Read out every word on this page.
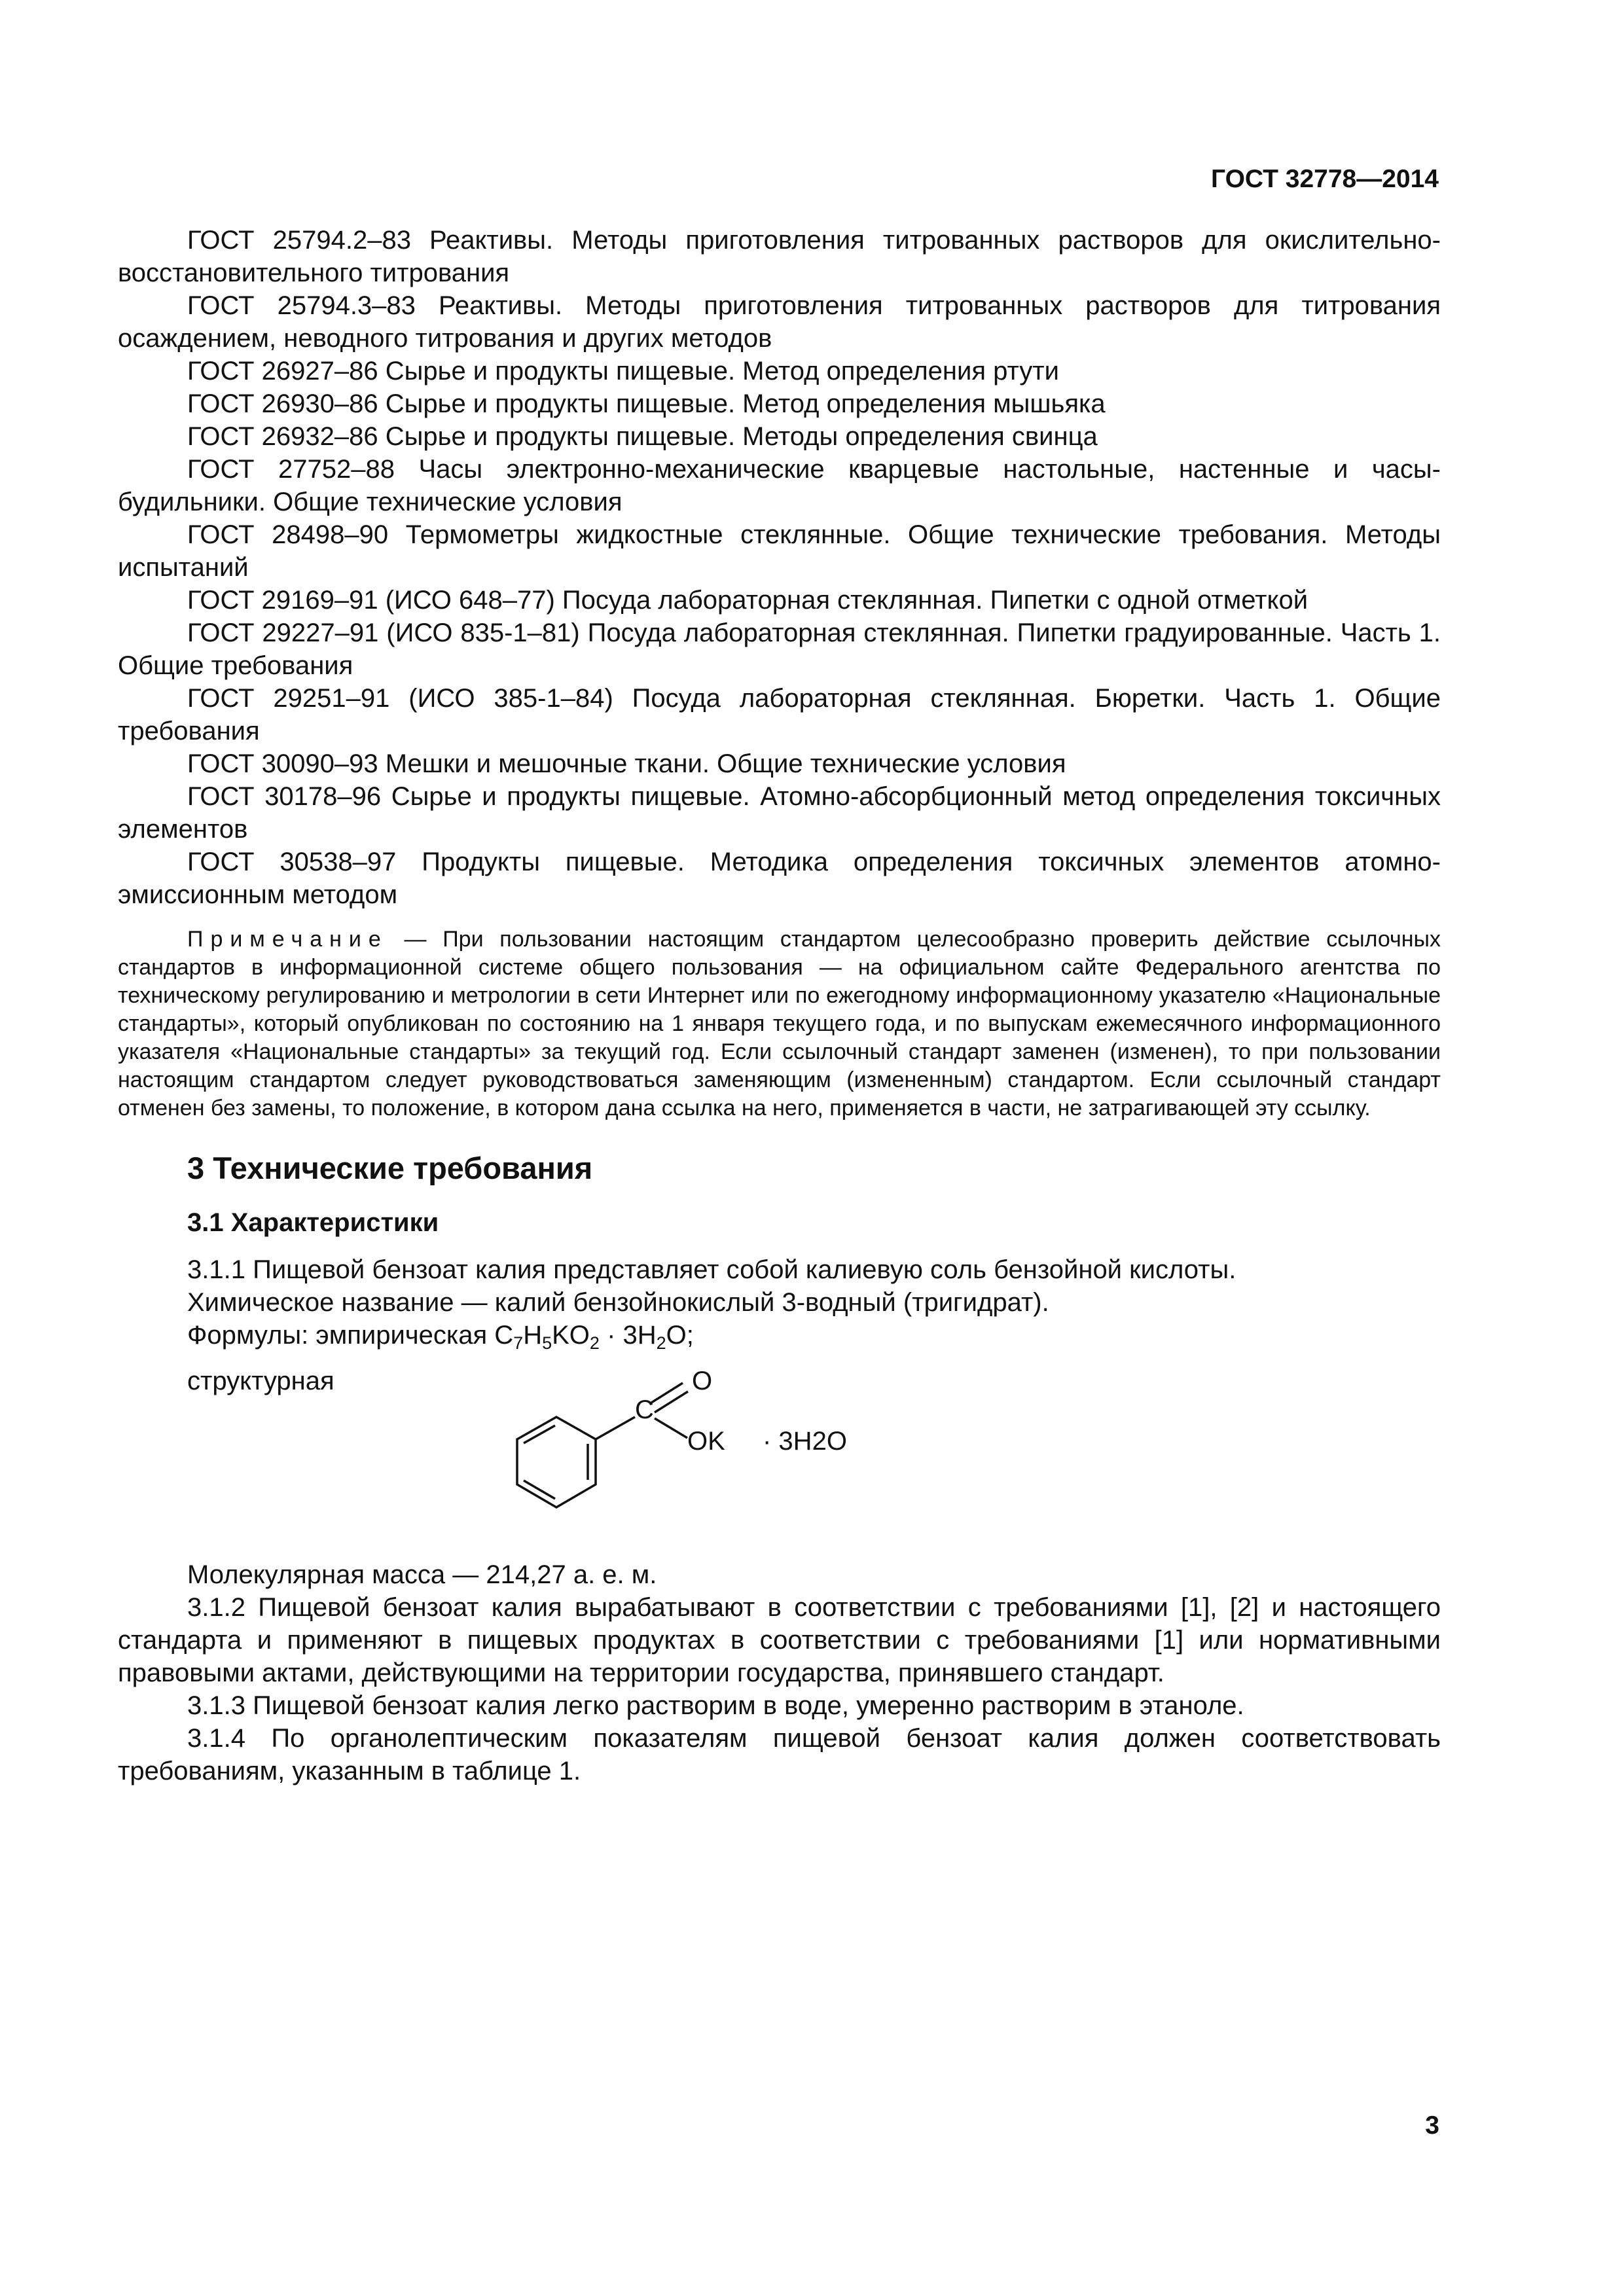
ГОСТ 32778—2014

ГОСТ 25794.2–83 Реактивы. Методы приготовления титрованных растворов для окислительно-восстановительного титрования

ГОСТ 25794.3–83 Реактивы. Методы приготовления титрованных растворов для титрования осаждением, неводного титрования и других методов

ГОСТ 26927–86 Сырье и продукты пищевые. Метод определения ртути

ГОСТ 26930–86 Сырье и продукты пищевые. Метод определения мышьяка

ГОСТ 26932–86 Сырье и продукты пищевые. Методы определения свинца

ГОСТ 27752–88 Часы электронно-механические кварцевые настольные, настенные и часы-будильники. Общие технические условия

ГОСТ 28498–90 Термометры жидкостные стеклянные. Общие технические требования. Методы испытаний

ГОСТ 29169–91 (ИСО 648–77) Посуда лабораторная стеклянная. Пипетки с одной отметкой

ГОСТ 29227–91 (ИСО 835-1–81) Посуда лабораторная стеклянная. Пипетки градуированные. Часть 1. Общие требования

ГОСТ 29251–91 (ИСО 385-1–84) Посуда лабораторная стеклянная. Бюретки. Часть 1. Общие требования

ГОСТ 30090–93 Мешки и мешочные ткани. Общие технические условия

ГОСТ 30178–96 Сырье и продукты пищевые. Атомно-абсорбционный метод определения токсичных элементов

ГОСТ 30538–97 Продукты пищевые. Методика определения токсичных элементов атомно-эмиссионным методом

Примечание — При пользовании настоящим стандартом целесообразно проверить действие ссылочных стандартов в информационной системе общего пользования — на официальном сайте Федерального агентства по техническому регулированию и метрологии в сети Интернет или по ежегодному информационному указателю «Национальные стандарты», который опубликован по состоянию на 1 января текущего года, и по выпускам ежемесячного информационного указателя «Национальные стандарты» за текущий год. Если ссылочный стандарт заменен (изменен), то при пользовании настоящим стандартом следует руководствоваться заменяющим (измененным) стандартом. Если ссылочный стандарт отменен без замены, то положение, в котором дана ссылка на него, применяется в части, не затрагивающей эту ссылку.
3 Технические требования
3.1 Характеристики

3.1.1 Пищевой бензоат калия представляет собой калиевую соль бензойной кислоты.

Химическое название — калий бензойнокислый 3-водный (тригидрат).

Формулы: эмпирическая $C_7H_5KO_2 \cdot 3H_2O$;

структурная	O
C
OK · 3H2O

Молекулярная масса — 214,27 а. е. м.

3.1.2 Пищевой бензоат калия вырабатывают в соответствии с требованиями [1], [2] и настоящего стандарта и применяют в пищевых продуктах в соответствии с требованиями [1] или нормативными правовыми актами, действующими на территории государства, принявшего стандарт.

3.1.3 Пищевой бензоат калия легко растворим в воде, умеренно растворим в этаноле.

3.1.4 По органолептическим показателям пищевой бензоат калия должен соответствовать требованиям, указанным в таблице 1.

3
